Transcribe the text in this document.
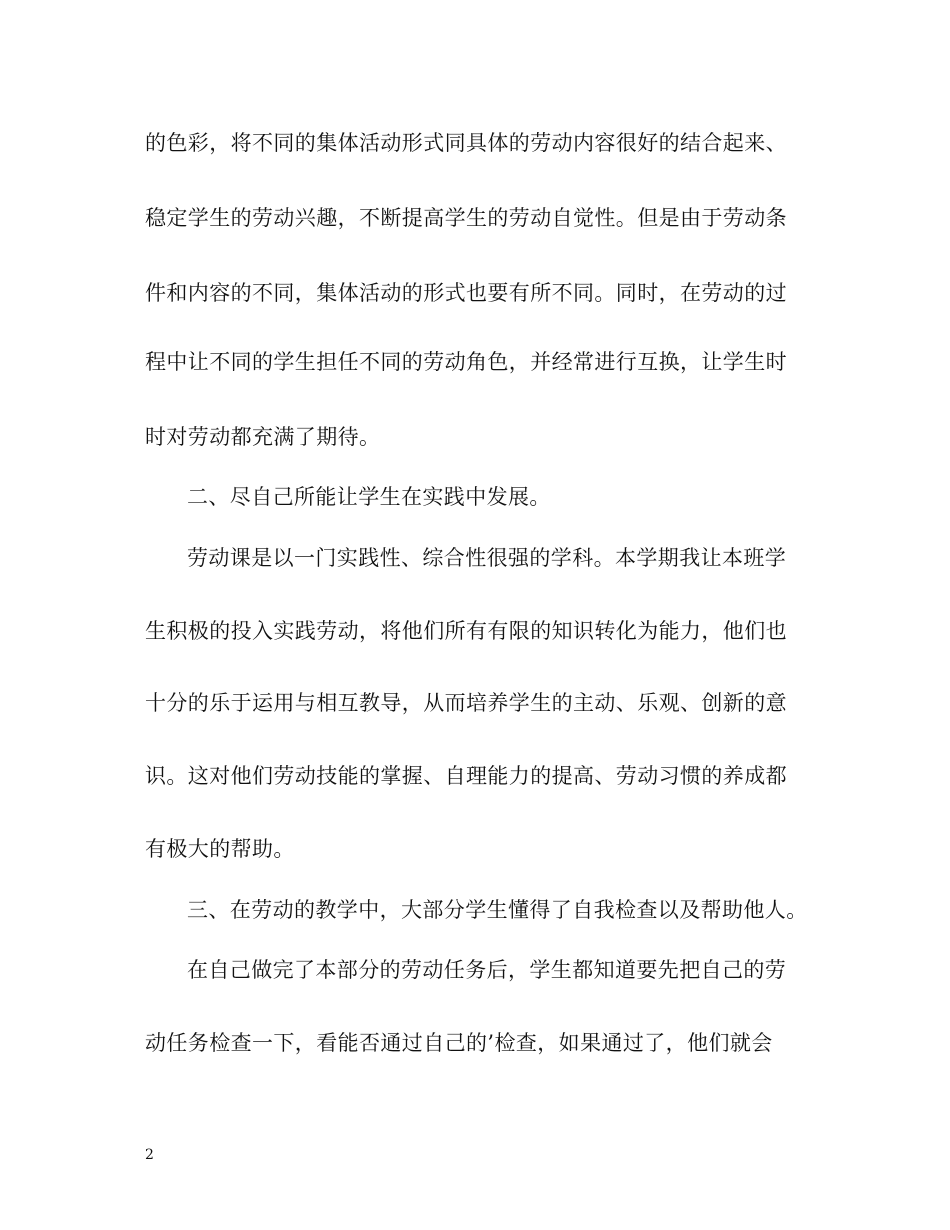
的色彩，将不同的集体活动形式同具体的劳动内容很好的结合起来、
稳定学生的劳动兴趣，不断提高学生的劳动自觉性。但是由于劳动条
件和内容的不同，集体活动的形式也要有所不同。同时，在劳动的过
程中让不同的学生担任不同的劳动角色，并经常进行互换，让学生时
时对劳动都充满了期待。
二、尽自己所能让学生在实践中发展。
劳动课是以一门实践性、综合性很强的学科。本学期我让本班学
生积极的投入实践劳动，将他们所有有限的知识转化为能力，他们也
十分的乐于运用与相互教导，从而培养学生的主动、乐观、创新的意
识。这对他们劳动技能的掌握、自理能力的提高、劳动习惯的养成都
有极大的帮助。
三、在劳动的教学中，大部分学生懂得了自我检查以及帮助他人。
在自己做完了本部分的劳动任务后，学生都知道要先把自己的劳
动任务检查一下，看能否通过自己的’检查，如果通过了，他们就会
2
